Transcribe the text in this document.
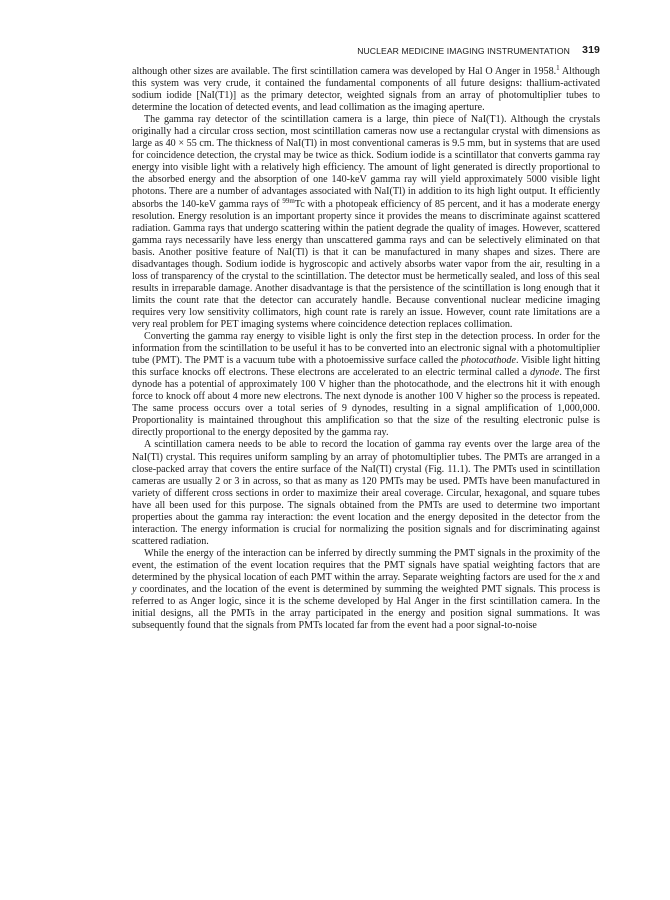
NUCLEAR MEDICINE IMAGING INSTRUMENTATION 319

although other sizes are available. The first scintillation camera was developed by Hal O Anger in 1958.$^1$ Although this system was very crude, it contained the fundamental components of all future designs: thallium-activated sodium iodide [NaI(T1)] as the primary detector, weighted signals from an array of photomultiplier tubes to determine the location of detected events, and lead collimation as the imaging aperture.

The gamma ray detector of the scintillation camera is a large, thin piece of NaI(T1). Although the crystals originally had a circular cross section, most scintillation cameras now use a rectangular crystal with dimensions as large as 40 × 55 cm. The thickness of NaI(Tl) in most conventional cameras is 9.5 mm, but in systems that are used for coincidence detection, the crystal may be twice as thick. Sodium iodide is a scintillator that converts gamma ray energy into visible light with a relatively high efficiency. The amount of light generated is directly proportional to the absorbed energy and the absorption of one 140-keV gamma ray will yield approximately 5000 visible light photons. There are a number of advantages associated with NaI(Tl) in addition to its high light output. It efficiently absorbs the 140-keV gamma rays of $^{99m}$Tc with a photopeak efficiency of 85 percent, and it has a moderate energy resolution. Energy resolution is an important property since it provides the means to discriminate against scattered radiation. Gamma rays that undergo scattering within the patient degrade the quality of images. However, scattered gamma rays necessarily have less energy than unscattered gamma rays and can be selectively eliminated on that basis. Another positive feature of NaI(Tl) is that it can be manufactured in many shapes and sizes. There are disadvantages though. Sodium iodide is hygroscopic and actively absorbs water vapor from the air, resulting in a loss of transparency of the crystal to the scintillation. The detector must be hermetically sealed, and loss of this seal results in irreparable damage. Another disadvantage is that the persistence of the scintillation is long enough that it limits the count rate that the detector can accurately handle. Because conventional nuclear medicine imaging requires very low sensitivity collimators, high count rate is rarely an issue. However, count rate limitations are a very real problem for PET imaging systems where coincidence detection replaces collimation.

Converting the gamma ray energy to visible light is only the first step in the detection process. In order for the information from the scintillation to be useful it has to be converted into an electronic signal with a photomultiplier tube (PMT). The PMT is a vacuum tube with a photoemissive surface called the photocathode. Visible light hitting this surface knocks off electrons. These electrons are accelerated to an electric terminal called a dynode. The first dynode has a potential of approximately 100 V higher than the photocathode, and the electrons hit it with enough force to knock off about 4 more new electrons. The next dynode is another 100 V higher so the process is repeated. The same process occurs over a total series of 9 dynodes, resulting in a signal amplification of 1,000,000. Proportionality is maintained throughout this amplification so that the size of the resulting electronic pulse is directly proportional to the energy deposited by the gamma ray.

A scintillation camera needs to be able to record the location of gamma ray events over the large area of the NaI(Tl) crystal. This requires uniform sampling by an array of photomultiplier tubes. The PMTs are arranged in a close-packed array that covers the entire surface of the NaI(Tl) crystal (Fig. 11.1). The PMTs used in scintillation cameras are usually 2 or 3 in across, so that as many as 120 PMTs may be used. PMTs have been manufactured in variety of different cross sections in order to maximize their areal coverage. Circular, hexagonal, and square tubes have all been used for this purpose. The signals obtained from the PMTs are used to determine two important properties about the gamma ray interaction: the event location and the energy deposited in the detector from the interaction. The energy information is crucial for normalizing the position signals and for discriminating against scattered radiation.

While the energy of the interaction can be inferred by directly summing the PMT signals in the proximity of the event, the estimation of the event location requires that the PMT signals have spatial weighting factors that are determined by the physical location of each PMT within the array. Separate weighting factors are used for the x and y coordinates, and the location of the event is determined by summing the weighted PMT signals. This process is referred to as Anger logic, since it is the scheme developed by Hal Anger in the first scintillation camera. In the initial designs, all the PMTs in the array participated in the energy and position signal summations. It was subsequently found that the signals from PMTs located far from the event had a poor signal-to-noise
